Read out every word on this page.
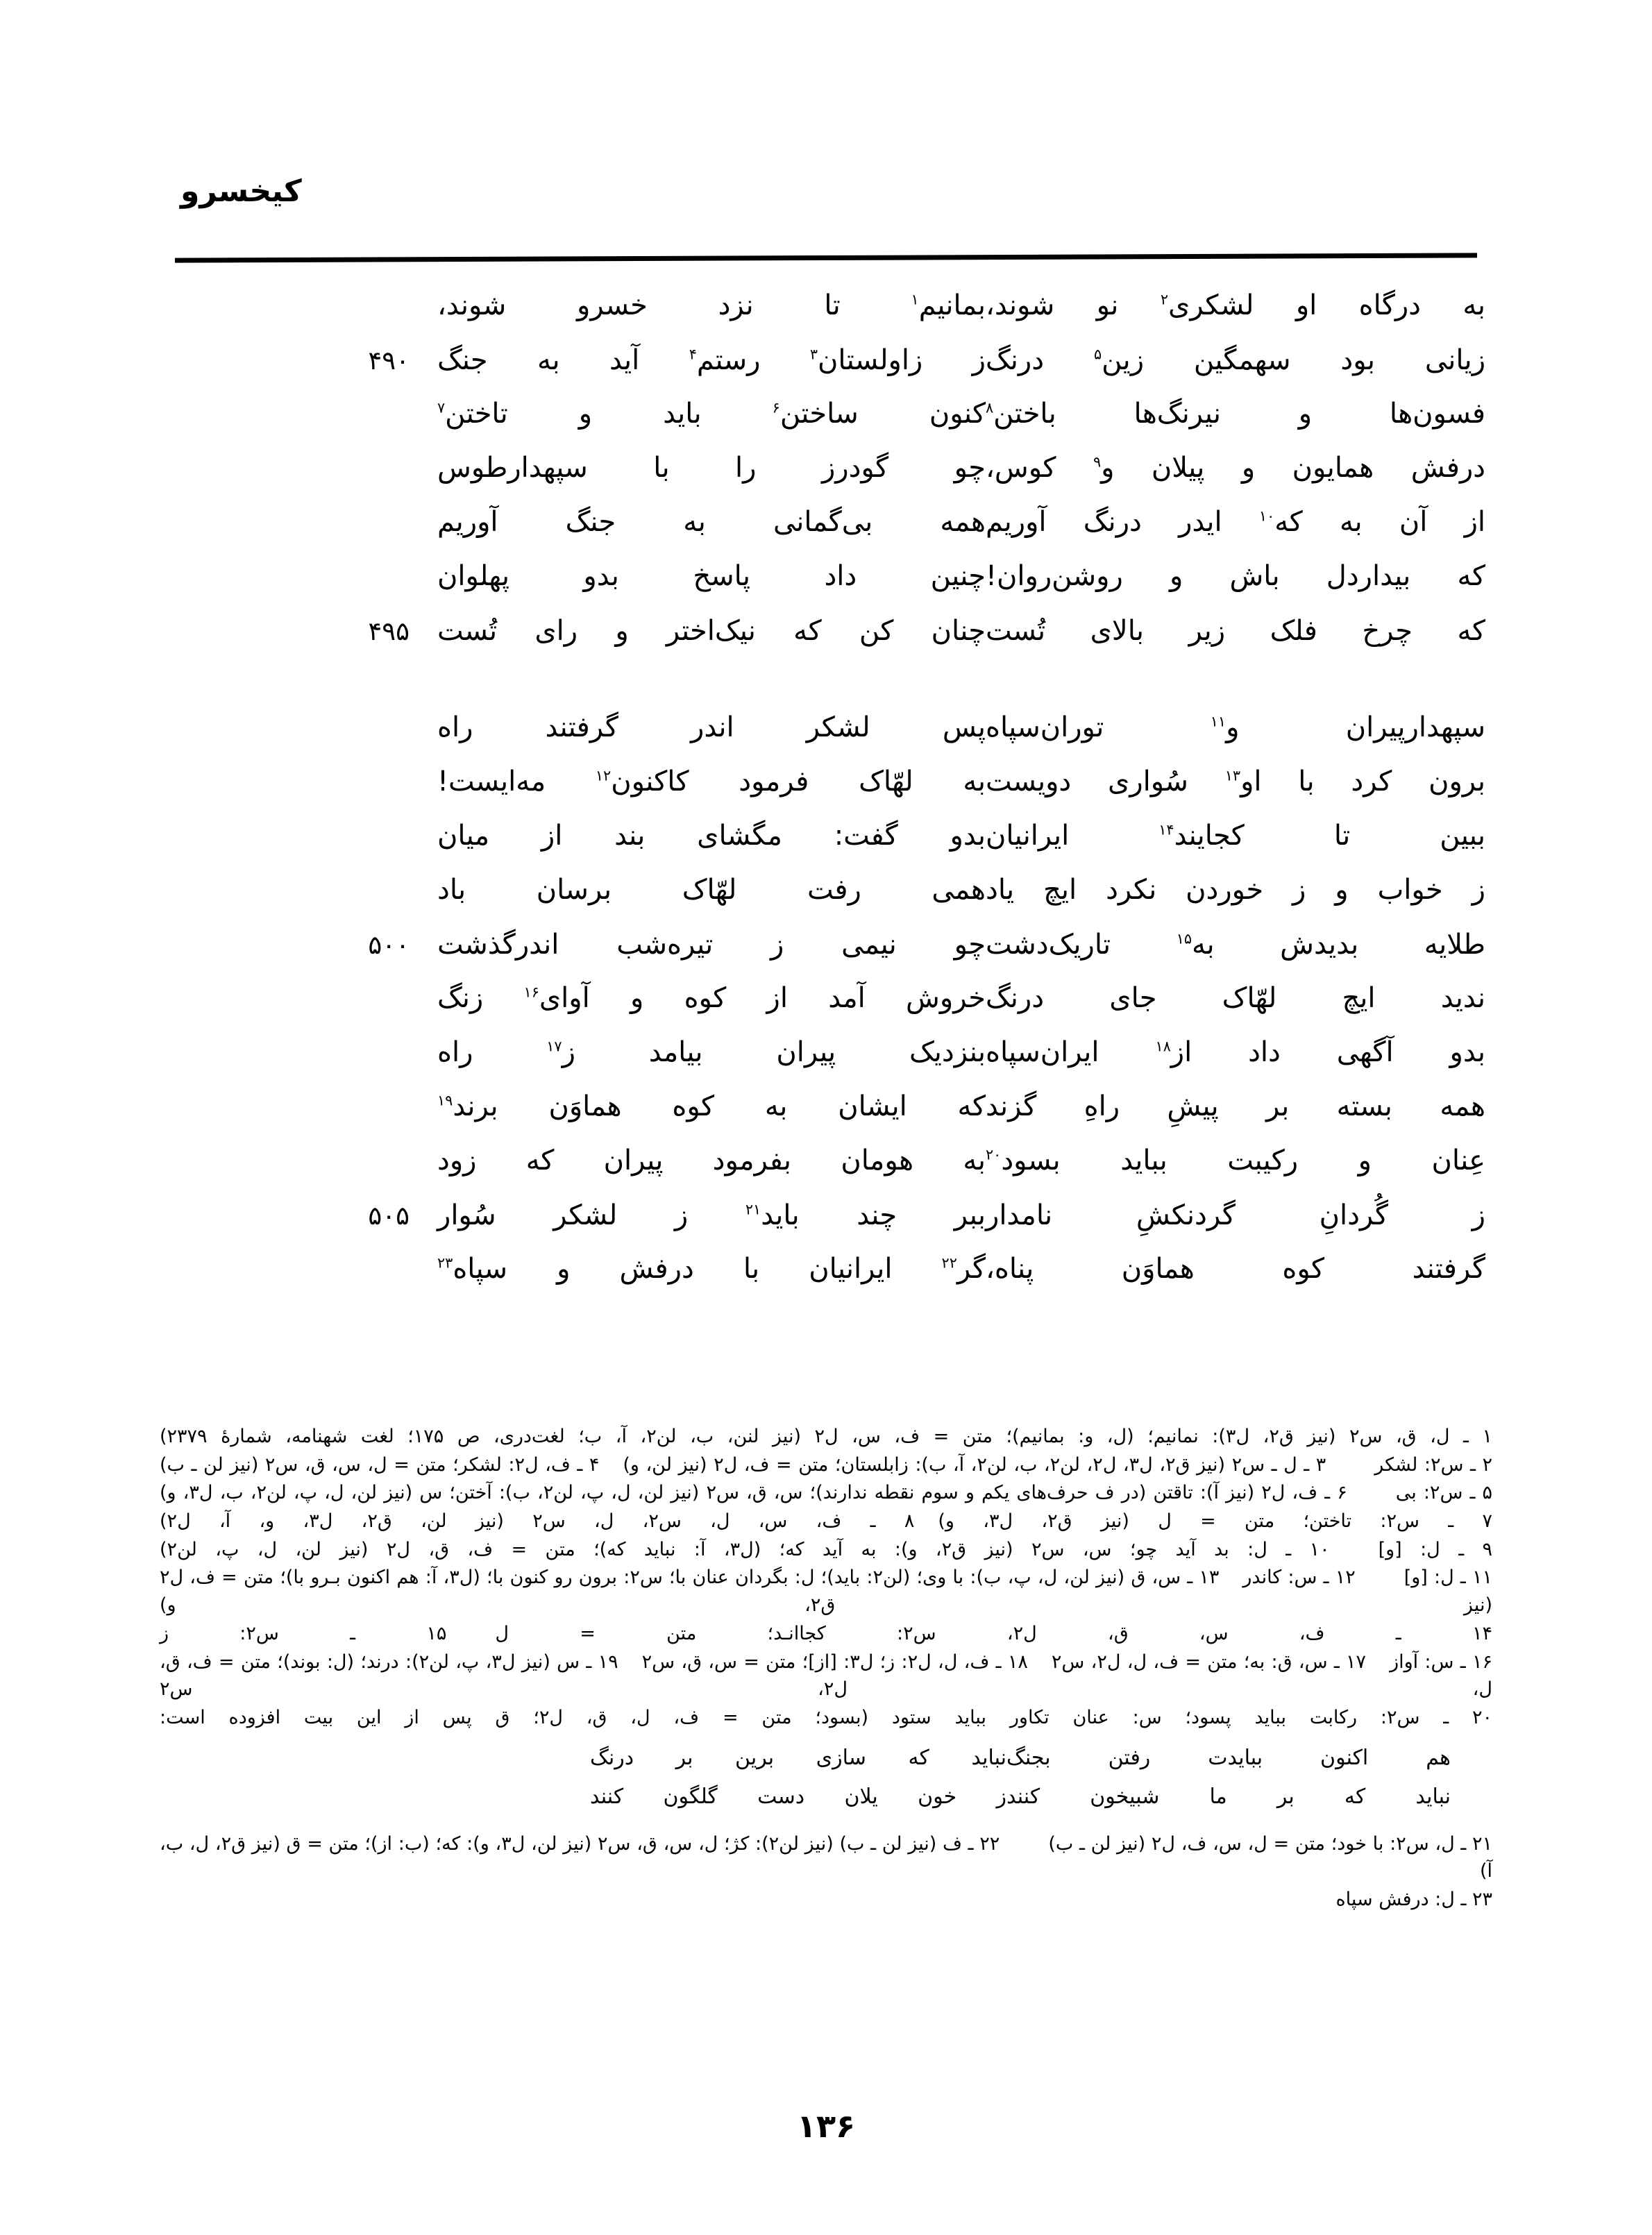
کیخسرو
به درگاه او لشکری$^۲$ نو شوند،
بمانیم$^۱$ تا نزد خسرو شوند،
زیانی بود سهمگین زین$^۵$ درنگ
ز زاولستان$^۳$ رستم$^۴$ آید به جنگ
۴۹۰
فسون‌ها و نیرنگ‌ها باختن$^۸$
کنون ساختن$^۶$ باید و تاختن$^۷$
درفش همایون و پیلان و$^۹$ کوس،
چو گودرز را با سپهدارطوس
از آن به که$^{۱۰}$ ایدر درنگ آوریم
همه بی‌گمانی به جنگ آوریم
که بیدارد‌ل باش و روشن‌روان!
چنین داد پاسخ بدو پهلوان
که چرخ فلک زیر بالای تُست
چنان کن که نیک‌اختر و رای تُست
۴۹۵
سپهدارپیران و$^{۱۱}$ توران‌سپاه
پس لشکر اندر گرفتند راه
برون کرد با او$^{۱۳}$ سُواری دویست
به لهّاک فرمود کاکنون$^{۱۲}$ مه‌ایست!
ببین تا کجایند$^{۱۴}$ ایرانیان
بدو گفت: مگشای بند از میان
ز خواب و ز خوردن نکرد ایچ یاد
همی رفت لهّاک برسان باد
طلایه بدیدش به$^{۱۵}$ تاریک‌دشت
چو نیمی ز تیره‌شب اندرگذشت
۵۰۰
ندید ایچ لهّاک جای درنگ
خروش آمد از کوه و آوای$^{۱۶}$ زنگ
بدو آگهی داد از$^{۱۸}$ ایران‌سپاه
بنزدیک پیران بیامد ز$^{۱۷}$ راه
همه بسته بر پیشِ راهِ گزند
که ایشان به کوه هماوَن برند$^{۱۹}$
عِنان و رکیبت بباید بسود$^{۲۰}$
به هومان بفرمود پیران که زود
ز گُردانِ گردنکشِ نامدار
ببر چند باید$^{۲۱}$ ز لشکر سُوار
۵۰۵
گرفتند کوه هماوَن پناه،
گر$^{۲۲}$ ایرانیان با درفش و سپاه$^{۲۳}$

۱ ـ ل، ق، س۲ (نیز ق۲، ل۳): نمانیم؛ (ل، و: بمانیم)؛ متن = ف، س، ل۲ (نیز لنن، ب، لن۲، آ، ب؛ لغت‌دری، ص ۱۷۵؛ لغت شهنامه، شمارهٔ ۲۳۷۹)

۲ ـ س۲: لشکر۳ ـ ل ـ س۲ (نیز ق۲، ل۳، ل۲، لن۲، ب، لن۲، آ، ب): زابلستان؛ متن = ف، ل۲ (نیز لن، و)۴ ـ ف، ل۲: لشکر؛ متن = ل، س، ق، س۲ (نیز لن ـ ب)

۵ ـ س۲: بی۶ ـ ف، ل۲ (نیز آ): تاقتن (در ف حرف‌های یکم و سوم نقطه ندارند)؛ س، ق، س۲ (نیز لن، ل، پ، لن۲، ب): آختن؛ س (نیز لن، ل، پ، لن۲، ب، ل۳، و)

۷ ـ س۲: تاختن؛ متن = ل (نیز ق۲، ل۳، و)۸ ـ ف، س، ل، س۲، ل، س۲ (نیز لن، ق۲، ل۳، و، آ، ل۲)

۹ ـ ل: [و]۱۰ ـ ل: بد آید چو؛ س، س۲ (نیز ق۲، و): به آید که؛ (ل۳، آ: نباید که)؛ متن = ف، ق، ل۲ (نیز لن، ل، پ، لن۲)

۱۱ ـ ل: [و]۱۲ ـ س: کاندر۱۳ ـ س، ق (نیز لن، ل، پ، ب): با وی؛ (لن۲: باید)؛ ل: بگردان عنان با؛ س۲: برون رو کنون با؛ (ل۳، آ: هم اکنون بـرو با)؛ متن = ف، ل۲ (نیز ق۲، و)

۱۴ ـ ف، س، ق، ل۲، س۲: کجاانـد؛ متن = ل۱۵ ـ س۲: ز

۱۶ ـ س: آواز۱۷ ـ س، ق: به؛ متن = ف، ل، ل۲، س۲۱۸ ـ ف، ل، ل۲: ز؛ ل۳: [از]؛ متن = س، ق، س۲۱۹ ـ س (نیز ل۳، پ، لن۲): درند؛ (ل: بوند)؛ متن = ف، ق، ل، ل۲، س۲

۲۰ ـ س۲: رکابت بباید پسود؛ س: عنان تکاور بباید ستود (بسود؛ متن = ف، ل، ق، ل۲؛ ق پس از این بیت افزوده است:

هم اکنون ببایدت رفتن بجنگ
نباید که سازی برین بر درنگ
نباید که بر ما شبیخون کنند
ز خون یلان دست گلگون کنند

۲۱ ـ ل، س۲: با خود؛ متن = ل، س، ف، ل۲ (نیز لن ـ ب)۲۲ ـ ف (نیز لن ـ ب) (نیز لن۲): کژ؛ ل، س، ق، س۲ (نیز لن، ل۳، و): که؛ (ب: از)؛ متن = ق (نیز ق۲، ل، ب، آ)

۲۳ ـ ل: درفش سپاه

۱۳۶
